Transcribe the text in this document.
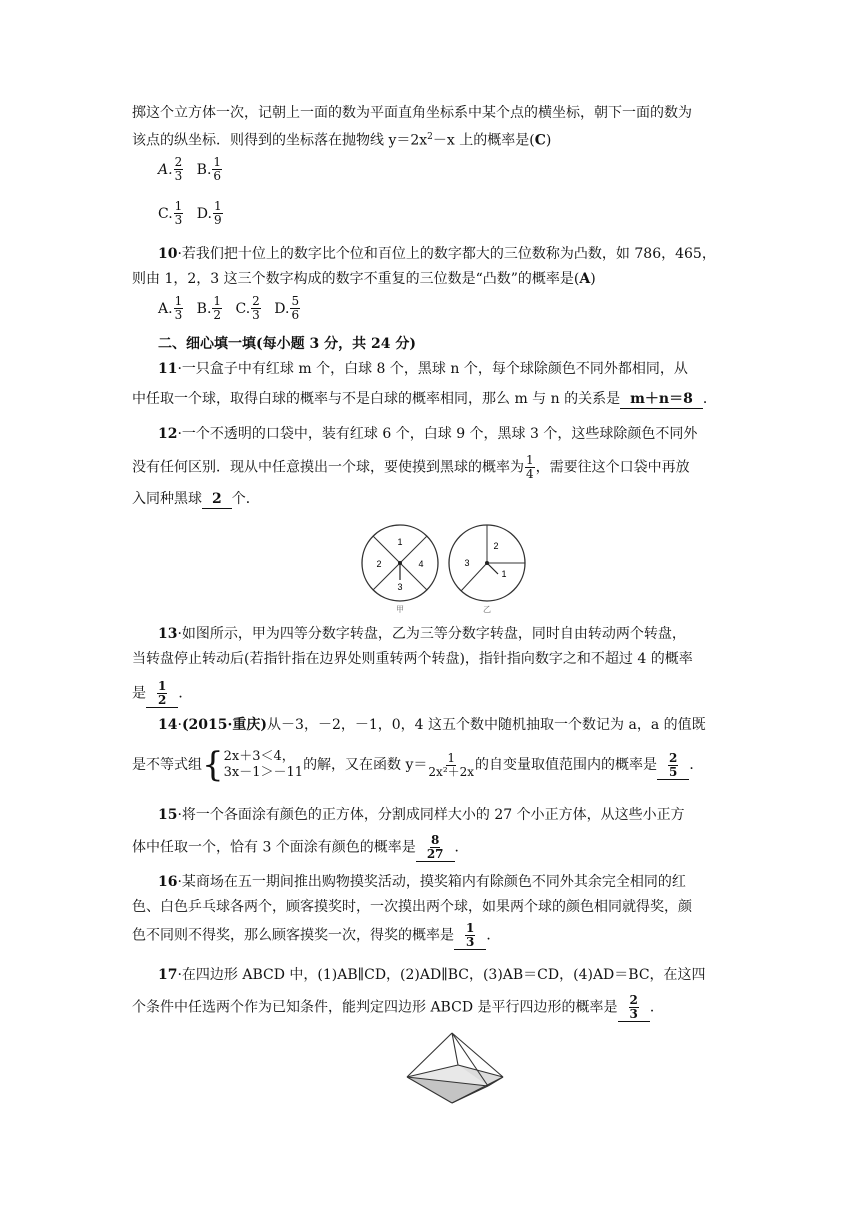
掷这个立方体一次，记朝上一面的数为平面直角坐标系中某个点的横坐标，朝下一面的数为
该点的纵坐标．则得到的坐标落在抛物线 $y=2x^2-x$ 上的概率是(C)
A. $\frac{2}{3} B$. $\frac{1}{6}$
C. $\frac{1}{3} D$. $\frac{1}{9}$
10·若我们把十位上的数字比个位和百位上的数字都大的三位数称为凸数，如 786，465，
则由 1，2，3 这三个数字构成的数字不重复的三位数是“凸数”的概率是(A)
A. $\frac{1}{3} B$. $\frac{1}{2} C$. $\frac{2}{3} D$. $\frac{5}{6}$
二、细心填一填(每小题 3 分，共 24 分)
11·一只盒子中有红球 m 个，白球 8 个，黑球 n 个，每个球除颜色不同外都相同，从
中任取一个球，取得白球的概率与不是白球的概率相同，那么 m 与 n 的关系是 m＋n＝8 ．
12·一个不透明的口袋中，装有红球 6 个，白球 9 个，黑球 3 个，这些球除颜色不同外
没有任何区别．现从中任意摸出一个球，要使摸到黑球的概率为 $\frac{1}{4}$ ，需要往这个口袋中再放
入同种黑球 2 个．
1
2
3
4
甲
2
3
1
乙
13·如图所示，甲为四等分数字转盘，乙为三等分数字转盘，同时自由转动两个转盘，
当转盘停止转动后(若指针指在边界处则重转两个转盘)，指针指向数字之和不超过 4 的概率
是 $\frac{1}{2}$ ．
14·(2015·重庆)从－3，－2，－1，0，4 这五个数中随机抽取一个数记为 a，a 的值既
是不等式组{ 2x＋3＜4，
3x－1＞－11 的解，又在函数 $y= \frac{1}{\text{2x²＋2x}}$ 的自变量取值范围内的概率是 $\frac{2}{5}$ ．
15·将一个各面涂有颜色的正方体，分割成同样大小的 27 个小正方体，从这些小正方
体中任取一个，恰有 3 个面涂有颜色的概率是 $\frac{8}{27}$ ．
16·某商场在五一期间推出购物摸奖活动，摸奖箱内有除颜色不同外其余完全相同的红
色、白色乒乓球各两个，顾客摸奖时，一次摸出两个球，如果两个球的颜色相同就得奖，颜
色不同则不得奖，那么顾客摸奖一次，得奖的概率是 $\frac{1}{3}$ ．
17·在四边形 ABCD 中，(1)AB∥CD，(2)AD∥BC，(3)AB＝CD，(4)AD＝BC，在这四
个条件中任选两个作为已知条件，能判定四边形 ABCD 是平行四边形的概率是 $\frac{2}{3}$ ．
